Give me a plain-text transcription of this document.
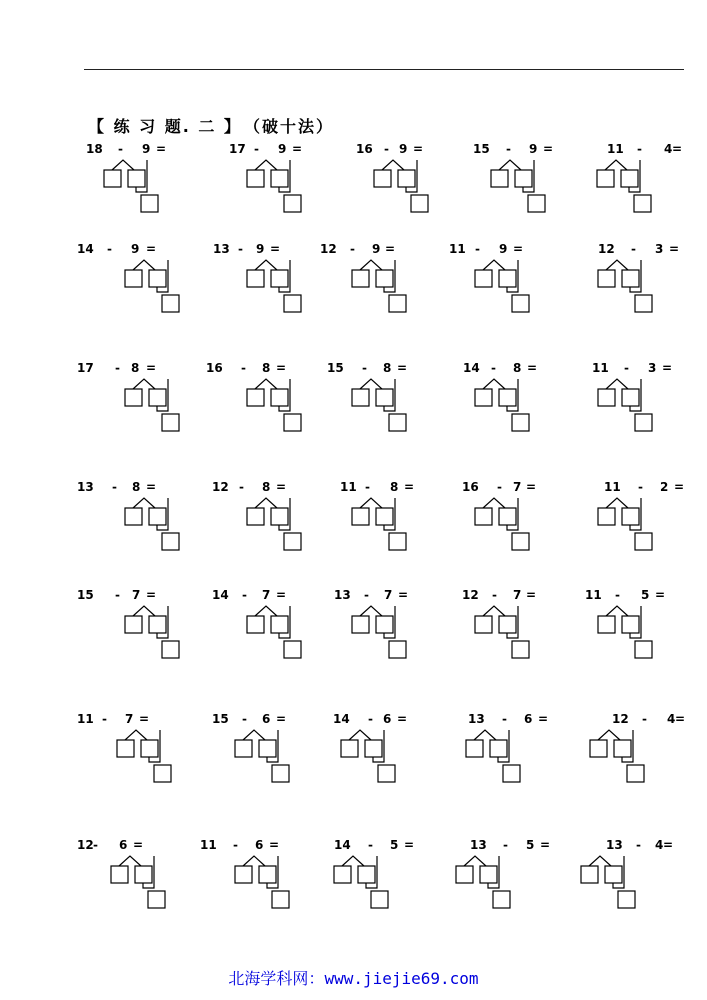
【 练 习 题. 二 】 （破十法）
18 - 9 =	17 - 9 =	16 - 9 =	15 - 9 =	11 - 4 =
14 - 9 =	13 - 9 =	12 - 9 =	11 - 9 =	12 - 3 =
17 - 8 =	16 - 8 =	15 - 8 =	14 - 8 =	11 - 3 =
13 - 8 =	12 - 8 =	11 - 8 =	16 - 7 =	11 - 2 =
15 - 7 =	14 - 7 =	13 - 7 =	12 - 7 =	11 - 5 =
11 - 7 =	15 - 6 =	14 - 6 =	13 - 6 =	12 - 4 =
12 - 6 =	11 - 6 =	14 - 5 =	13 - 5 =	13 - 4 =
北海学科网：www.jiejie69.com
